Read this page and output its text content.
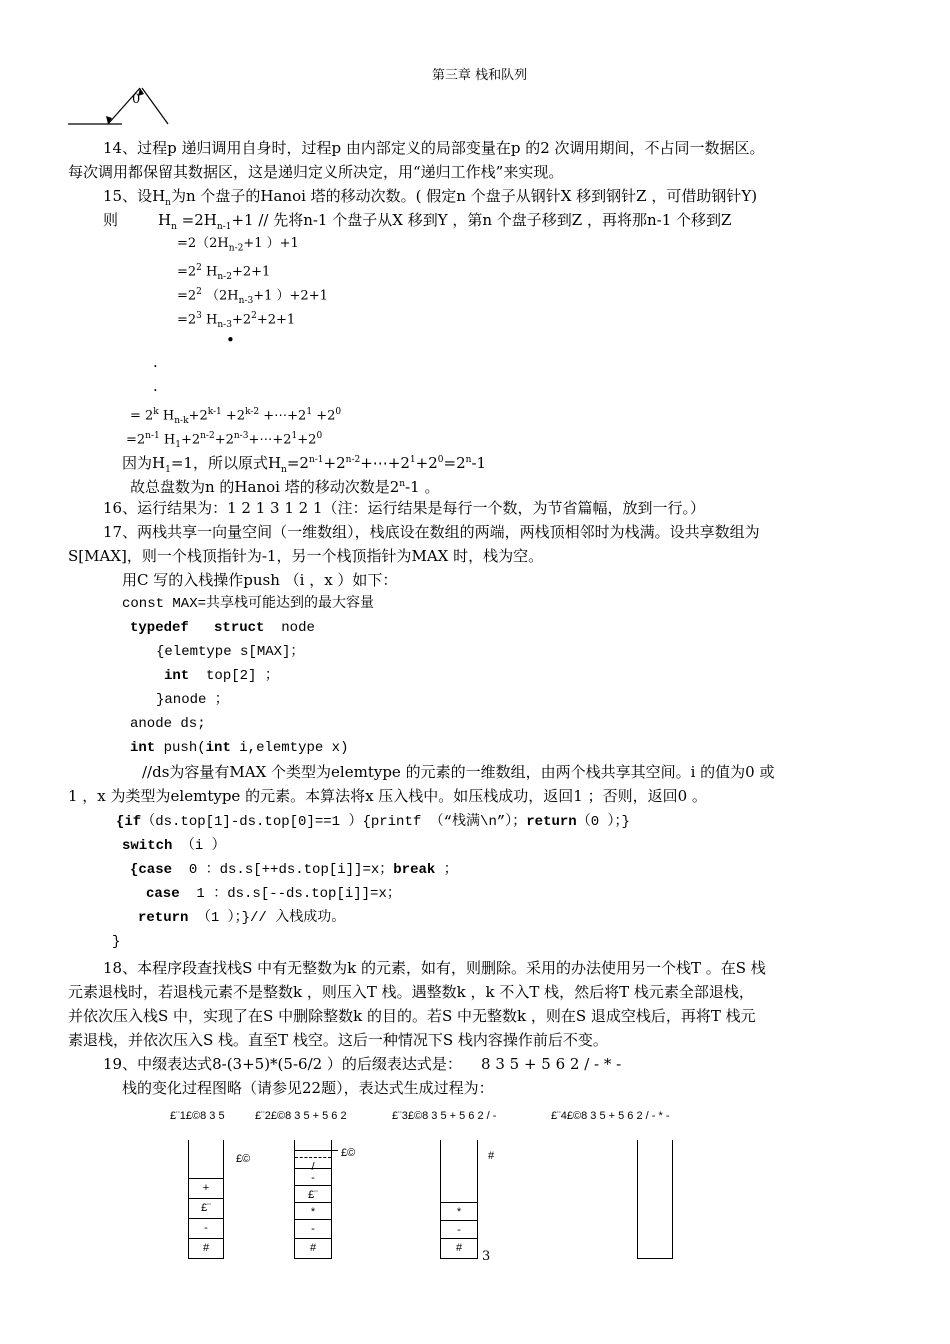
第三章 栈和队列
0
14、过程p 递归调用自身时，过程p 由内部定义的局部变量在p 的2 次调用期间，不占同一数据区。
每次调用都保留其数据区，这是递归定义所决定，用“递归工作栈”来实现。
15、设$H_n$为n 个盘子的Hanoi 塔的移动次数。( 假定n 个盘子从钢针X 移到钢针Z ，可借助钢针Y)
则	$H_n =2H_{n-1}+1$ // 先将n-1 个盘子从X 移到Y ，第n 个盘子移到Z ，再将那n-1 个移到Z
$=2(2H_{n-2}+1$ ）+1
$=2^2$ $H_{n-2}+2+1$
$=2^2$ （$2H_{n-3}+1$ ）+2+1
$=2^3$ $H_{n-3}+2^2+2+1$
•
.
.
= $2^k$ $H_{n-k}+2^{k-1} +2^{k-2}$ $+\cdots+2^1 +2^0$
$=2^{n-1}$ $H_1+2^{n-2}+2^{n-3}+\cdots+2^1+2^0$
因为$H_1=1$，所以原式$H_n=2^{n-1}+2^{n-2}+\cdots+2^1+2^0=2^n-1$
故总盘数为n 的Hanoi 塔的移动次数是2$^n$-1 。
16、运行结果为：1 2 1 3 1 2 1（注：运行结果是每行一个数，为节省篇幅，放到一行。）
17、两栈共享一向量空间（一维数组），栈底设在数组的两端，两栈顶相邻时为栈满。设共享数组为
S[MAX]，则一个栈顶指针为-1，另一个栈顶指针为MAX 时，栈为空。
用C 写的入栈操作push （i ，x ）如下：
const MAX=共享栈可能达到的最大容量
typedef struct node
{elemtype s[MAX]；
int top[2] ；
}anode ；
anode ds;
int push(int i,elemtype x)
//ds为容量有MAX 个类型为elemtype 的元素的一维数组，由两个栈共享其空间。i 的值为0 或
1 ，x 为类型为elemtype 的元素。本算法将x 压入栈中。如压栈成功，返回1 ；否则，返回0 。
{if（ds.top[1]-ds.top[0]==1 ）{printf （“栈满\n”）；return（0 ）；}
switch （i ）
{case 0 ：ds.s[++ds.top[i]]=x；break ；
case 1 ：ds.s[--ds.top[i]]=x；
return （1 ）；}// 入栈成功。
}
18、本程序段查找栈S 中有无整数为k 的元素，如有，则删除。采用的办法使用另一个栈T 。在S 栈
元素退栈时，若退栈元素不是整数k ，则压入T 栈。遇整数k ，k 不入T 栈，然后将T 栈元素全部退栈，
并依次压入栈S 中，实现了在S 中删除整数k 的目的。若S 中无整数k ，则在S 退成空栈后，再将T 栈元
素退栈，并依次压入S 栈。直至T 栈空。这后一种情况下S 栈内容操作前后不变。
19、中缀表达式8-(3+5)*(5-6/2 ）的后缀表达式是： 8 3 5 + 5 6 2 / - * -
栈的变化过程图略（请参见22题），表达式生成过程为：
£¨1£©8 3 5	£¨2£©8 3 5 + 5 6 2	£¨3£©8 3 5 + 5 6 2 / -	£¨4£©8 3 5 + 5 6 2 / - * -
£©
+
£¨
-
#
£©
/
-
£¨
*
-
#
#
*
-
#
3
